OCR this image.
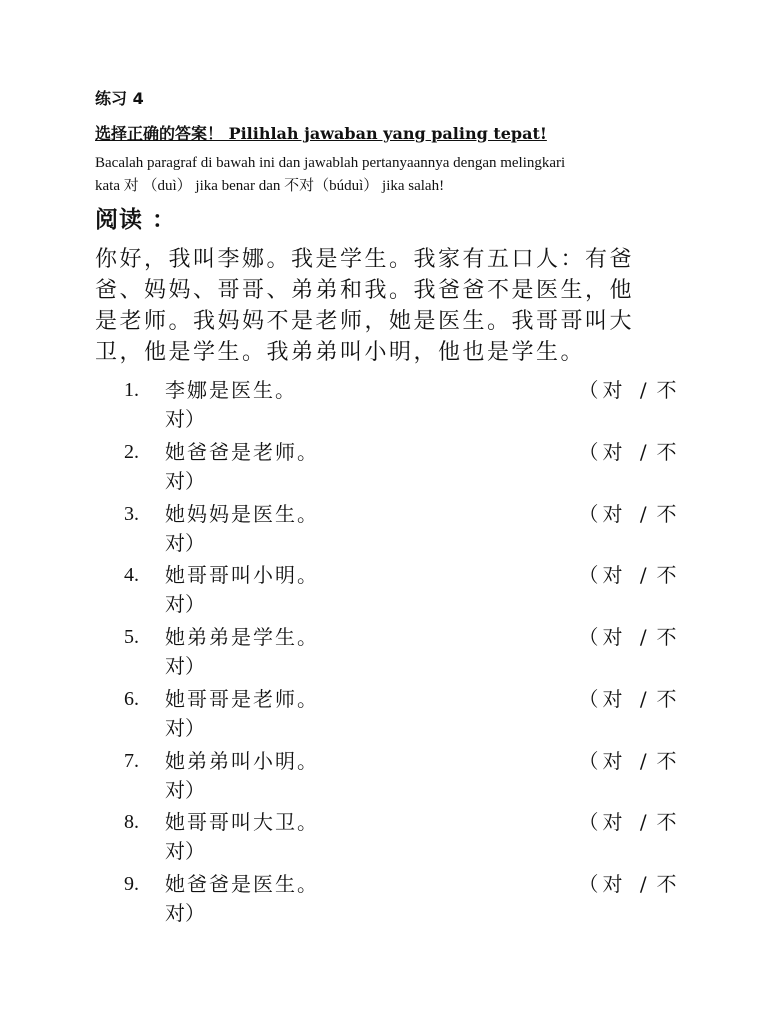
练习 4
选择正确的答案！ Pilihlah jawaban yang paling tepat!
Bacalah paragraf di bawah ini dan jawablah pertanyaannya dengan melingkari
kata 对 （duì） jika benar dan 不对（búduì） jika salah!
阅读 ：
你好，我叫李娜。我是学生。我家有五口人：有爸
爸、妈妈、哥哥、弟弟和我。我爸爸不是医生，他
是老师。我妈妈不是老师，她是医生。我哥哥叫大
卫，他是学生。我弟弟叫小明，他也是学生。
1. 李娜是医生。	（ 对 / 不
对）
2. 她爸爸是老师。	（ 对 / 不
对）
3. 她妈妈是医生。	（ 对 / 不
对）
4. 她哥哥叫小明。	（ 对 / 不
对）
5. 她弟弟是学生。	（ 对 / 不
对）
6. 她哥哥是老师。	（ 对 / 不
对）
7. 她弟弟叫小明。	（ 对 / 不
对）
8. 她哥哥叫大卫。	（ 对 / 不
对）
9. 她爸爸是医生。	（ 对 / 不
对）
